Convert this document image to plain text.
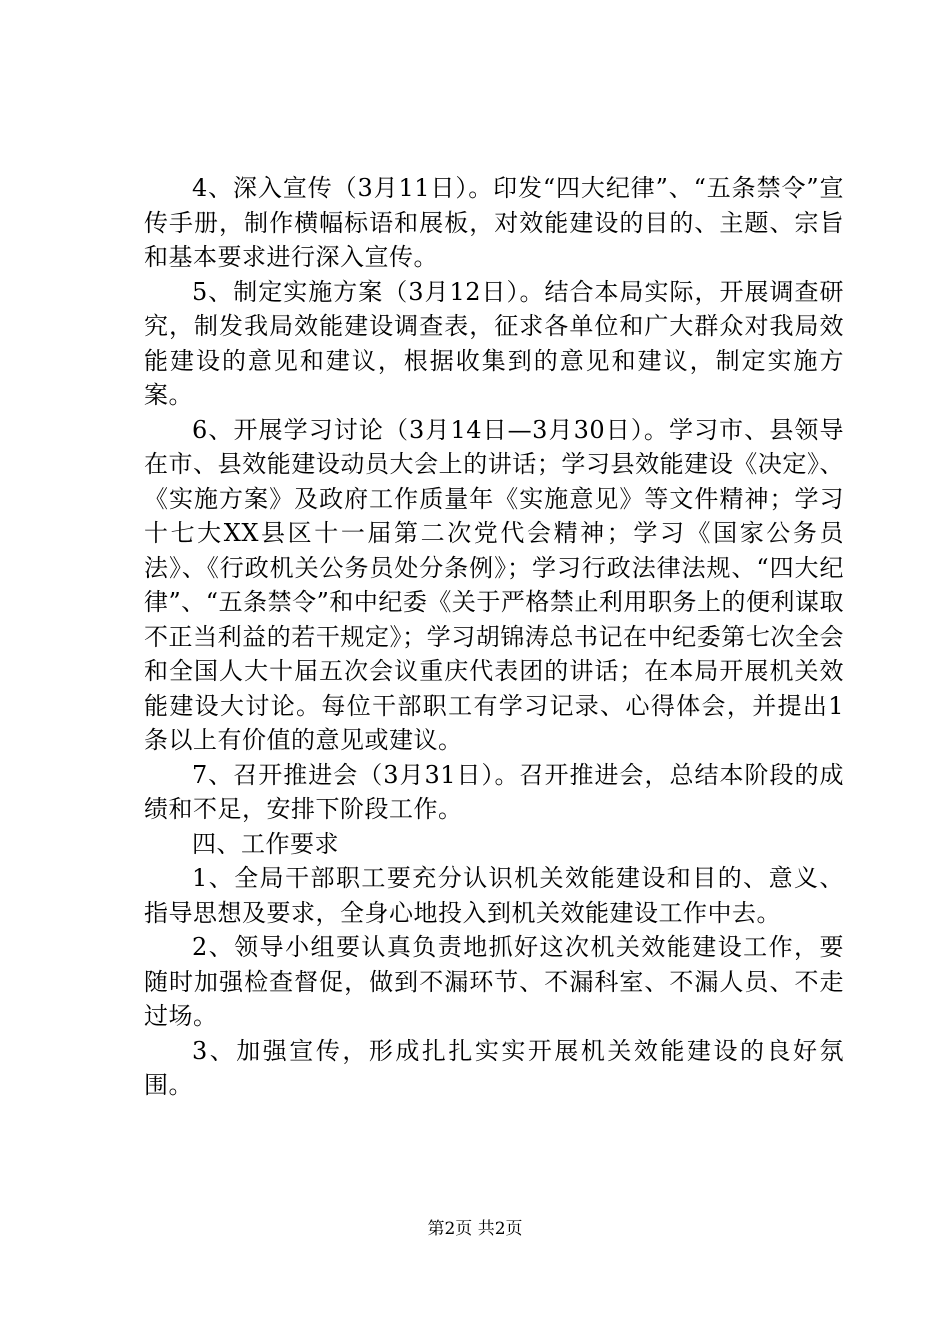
4、深入宣传（3月11日）。印发“四大纪律”、“五条禁令”宣传手册，制作横幅标语和展板，对效能建设的目的、主题、宗旨和基本要求进行深入宣传。

5、制定实施方案（3月12日）。结合本局实际，开展调查研究，制发我局效能建设调查表，征求各单位和广大群众对我局效能建设的意见和建议，根据收集到的意见和建议，制定实施方案。

6、开展学习讨论（3月14日—3月30日）。学习市、县领导在市、县效能建设动员大会上的讲话；学习县效能建设《决定》、《实施方案》及政府工作质量年《实施意见》等文件精神；学习十七大XX县区十一届第二次党代会精神；学习《国家公务员法》、《行政机关公务员处分条例》；学习行政法律法规、“四大纪律”、“五条禁令”和中纪委《关于严格禁止利用职务上的便利谋取不正当利益的若干规定》；学习胡锦涛总书记在中纪委第七次全会和全国人大十届五次会议重庆代表团的讲话；在本局开展机关效能建设大讨论。每位干部职工有学习记录、心得体会，并提出1条以上有价值的意见或建议。

7、召开推进会（3月31日）。召开推进会，总结本阶段的成绩和不足，安排下阶段工作。

四、工作要求

1、全局干部职工要充分认识机关效能建设和目的、意义、指导思想及要求，全身心地投入到机关效能建设工作中去。

2、领导小组要认真负责地抓好这次机关效能建设工作，要随时加强检查督促，做到不漏环节、不漏科室、不漏人员、不走过场。

3、加强宣传，形成扎扎实实开展机关效能建设的良好氛围。

第2页 共2页
